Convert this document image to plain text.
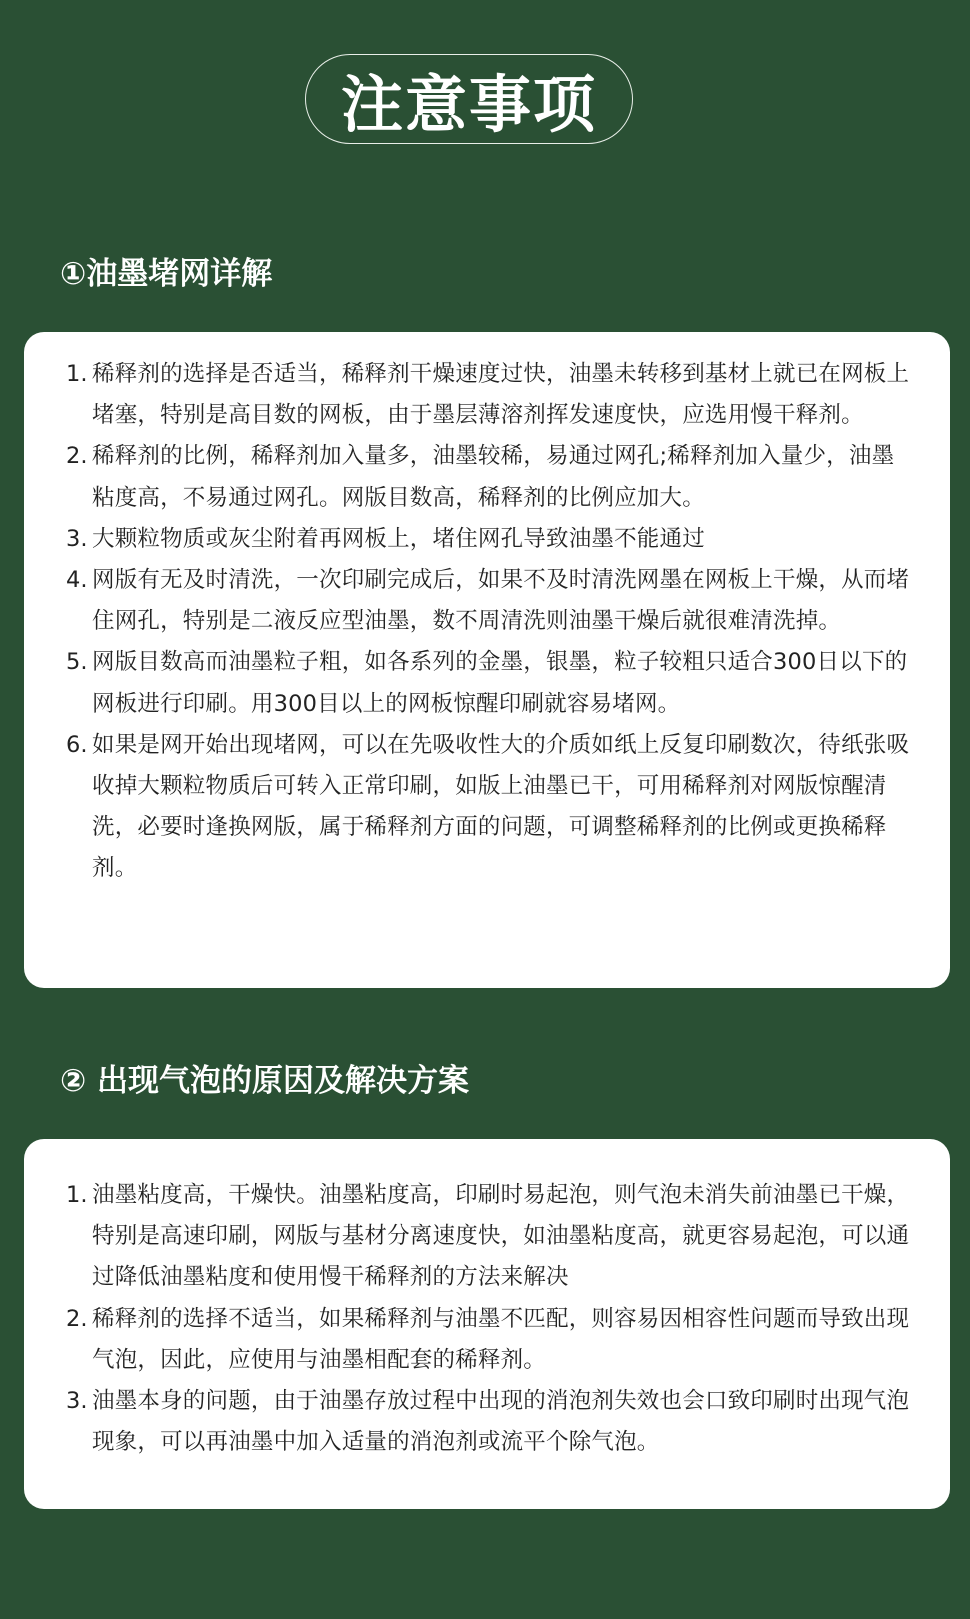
注意事项
①油墨堵网详解
1. 稀释剂的选择是否适当，稀释剂干燥速度过快，油墨未转移到基材上就已在网板上堵塞，特别是高目数的网板，由于墨层薄溶剂挥发速度快，应选用慢干释剂。
2. 稀释剂的比例，稀释剂加入量多，油墨较稀，易通过网孔;稀释剂加入量少，油墨粘度高，不易通过网孔。网版目数高，稀释剂的比例应加大。
3. 大颗粒物质或灰尘附着再网板上，堵住网孔导致油墨不能通过
4. 网版有无及时清洗，一次印刷完成后，如果不及时清洗网墨在网板上干燥，从而堵住网孔，特别是二液反应型油墨，数不周清洗则油墨干燥后就很难清洗掉。
5. 网版目数高而油墨粒子粗，如各系列的金墨，银墨，粒子较粗只适合300日以下的网板进行印刷。用300目以上的网板惊醒印刷就容易堵网。
6. 如果是网开始出现堵网，可以在先吸收性大的介质如纸上反复印刷数次，待纸张吸收掉大颗粒物质后可转入正常印刷，如版上油墨已干，可用稀释剂对网版惊醒清洗，必要时逢换网版，属于稀释剂方面的问题，可调整稀释剂的比例或更换稀释剂。
② 出现气泡的原因及解决方案
1. 油墨粘度高，干燥快。油墨粘度高，印刷时易起泡，则气泡未消失前油墨已干燥，特别是高速印刷，网版与基材分离速度快，如油墨粘度高，就更容易起泡，可以通过降低油墨粘度和使用慢干稀释剂的方法来解决
2. 稀释剂的选择不适当，如果稀释剂与油墨不匹配，则容易因相容性问题而导致出现气泡，因此，应使用与油墨相配套的稀释剂。
3. 油墨本身的问题，由于油墨存放过程中出现的消泡剂失效也会口致印刷时出现气泡现象，可以再油墨中加入适量的消泡剂或流平个除气泡。
